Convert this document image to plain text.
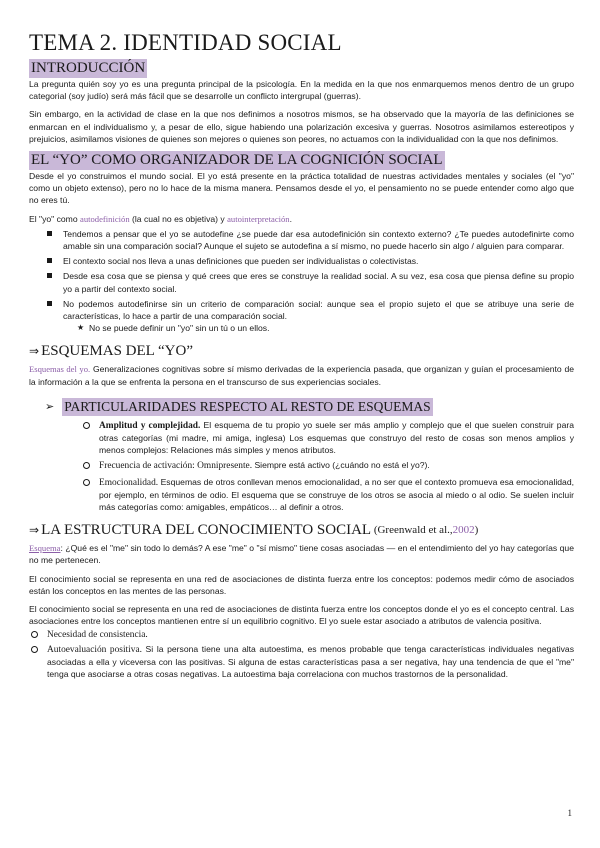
TEMA 2. IDENTIDAD SOCIAL
INTRODUCCIÓN

La pregunta quién soy yo es una pregunta principal de la psicología. En la medida en la que nos enmarquemos menos dentro de un grupo categorial (soy judío) será más fácil que se desarrolle un conflicto intergrupal (guerras).

Sin embargo, en la actividad de clase en la que nos definimos a nosotros mismos, se ha observado que la mayoría de las definiciones se enmarcan en el individualismo y, a pesar de ello, sigue habiendo una polarización excesiva y guerras. Nosotros asimilamos estereotipos y prejuicios, asimilamos visiones de quienes son mejores o quienes son peores, no actuamos con la individualidad con la que nos definimos.

EL “YO” COMO ORGANIZADOR DE LA COGNICIÓN SOCIAL

Desde el yo construimos el mundo social. El yo está presente en la práctica totalidad de nuestras actividades mentales y sociales (el "yo" como un objeto extenso), pero no lo hace de la misma manera. Pensamos desde el yo, el pensamiento no se puede entender como algo que no eres tú.

El "yo" como autodefinición (la cual no es objetiva) y autointerpretación.

Tendemos a pensar que el yo se autodefine ¿se puede dar esa autodefinición sin contexto externo? ¿Te puedes autodefinirte como amable sin una comparación social? Aunque el sujeto se autodefina a sí mismo, no puede hacerlo sin algo / alguien para comparar.
El contexto social nos lleva a unas definiciones que pueden ser individualistas o colectivistas.
Desde esa cosa que se piensa y qué crees que eres se construye la realidad social. A su vez, esa cosa que piensa define su propio yo a partir del contexto social.
No podemos autodefinirse sin un criterio de comparación social: aunque sea el propio sujeto el que se atribuye una serie de características, lo hace a partir de una comparación social.
★ No se puede definir un "yo" sin un tú o un ellos.
⇒ ESQUEMAS DEL “YO”

Esquemas del yo. Generalizaciones cognitivas sobre sí mismo derivadas de la experiencia pasada, que organizan y guían el procesamiento de la información a la que se enfrenta la persona en el transcurso de sus experiencias sociales.

➢ PARTICULARIDADES RESPECTO AL RESTO DE ESQUEMAS
Amplitud y complejidad. El esquema de tu propio yo suele ser más amplio y complejo que el que suelen construir para otras categorías (mi madre, mi amiga, inglesa) Los esquemas que construyo del resto de cosas son menos amplios y menos complejos: Relaciones más simples y menos atributos.
Frecuencia de activación: Omnipresente. Siempre está activo (¿cuándo no está el yo?).
Emocionalidad. Esquemas de otros conllevan menos emocionalidad, a no ser que el contexto promueva esa emocionalidad, por ejemplo, en términos de odio. El esquema que se construye de los otros se asocia al miedo o al odio. Se suelen incluir más categorías como: amigables, empáticos… al definir a otros.
⇒ LA ESTRUCTURA DEL CONOCIMIENTO SOCIAL
(Greenwald et al., 2002 )

Esquema: ¿Qué es el "me" sin todo lo demás? A ese "me" o "sí mismo" tiene cosas asociadas — en el entendimiento del yo hay categorías que no me pertenecen.

El conocimiento social se representa en una red de asociaciones de distinta fuerza entre los conceptos: podemos medir cómo de asociados están los conceptos en las mentes de las personas.

El conocimiento social se representa en una red de asociaciones de distinta fuerza entre los conceptos donde el yo es el concepto central. Las asociaciones entre los conceptos mantienen entre sí un equilibrio cognitivo. El yo suele estar asociado a atributos de valencia positiva.

Necesidad de consistencia.
Autoevaluación positiva. Si la persona tiene una alta autoestima, es menos probable que tenga características individuales negativas asociadas a ella y viceversa con las positivas. Si alguna de estas características pasa a ser negativa, hay una tendencia de que el "me" tenga que asociarse a otras cosas negativas. La autoestima baja correlaciona con muchos trastornos de la personalidad.
1
